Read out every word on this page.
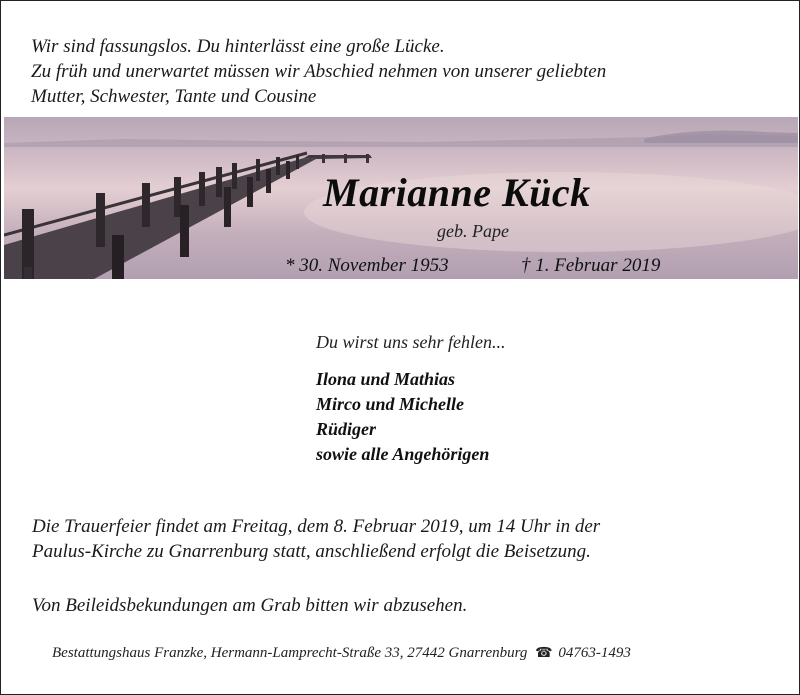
Wir sind fassungslos. Du hinterlässt eine große Lücke.
Zu früh und unerwartet müssen wir Abschied nehmen von unserer geliebten
Mutter, Schwester, Tante und Cousine
Marianne Kück
geb. Pape
* 30. November 1953	† 1. Februar 2019
Du wirst uns sehr fehlen...
Ilona und Mathias
Mirco und Michelle
Rüdiger
sowie alle Angehörigen
Die Trauerfeier findet am Freitag, dem 8. Februar 2019, um 14 Uhr in der
Paulus-Kirche zu Gnarrenburg statt, anschließend erfolgt die Beisetzung.
Von Beileidsbekundungen am Grab bitten wir abzusehen.
Bestattungshaus Franzke, Hermann-Lamprecht-Straße 33, 27442 Gnarrenburg ☎ 04763-1493
